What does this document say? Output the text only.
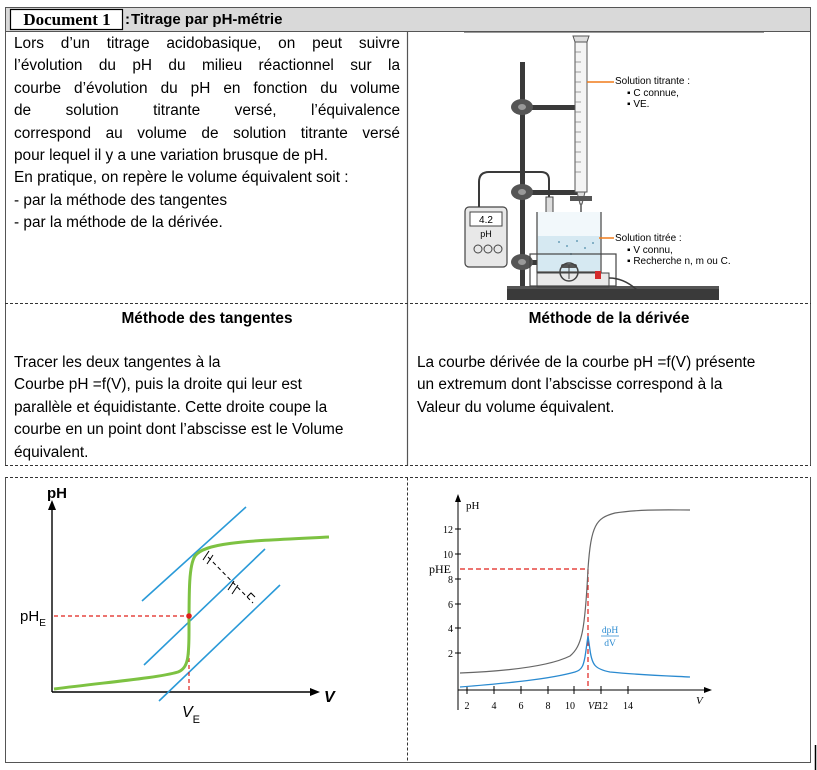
Document 1 : Titrage par pH-métrie
Lors d’un titrage acidobasique, on peut suivre
l’évolution du pH du milieu réactionnel sur la
courbe d’évolution du pH en fonction du volume
de solution titrante versé, l’équivalence
correspond au volume de solution titrante versé
pour lequel il y a une variation brusque de pH.
En pratique, on repère le volume équivalent soit :
- par la méthode des tangentes
- par la méthode de la dérivée.	4.2
pH
Solution titrante :
▪ C connue,
▪ VE.
Solution titrée :
▪ V connu,
▪ Recherche n, m ou C.
Méthode des tangentes	Méthode de la dérivée
Tracer les deux tangentes à la
Courbe pH =f(V), puis la droite qui leur est
parallèle et équidistante. Cette droite coupe la
courbe en un point dont l’abscisse est le Volume
équivalent.
La courbe dérivée de la courbe pH =f(V) présente
un extremum dont l’abscisse correspond à la
Valeur du volume équivalent.
pH
V
$pH_E$
$V_E$
pH
V
12
10
8
6
4
2
pHE
2 4 6 8 10 12 14
VE
dpH
dV
